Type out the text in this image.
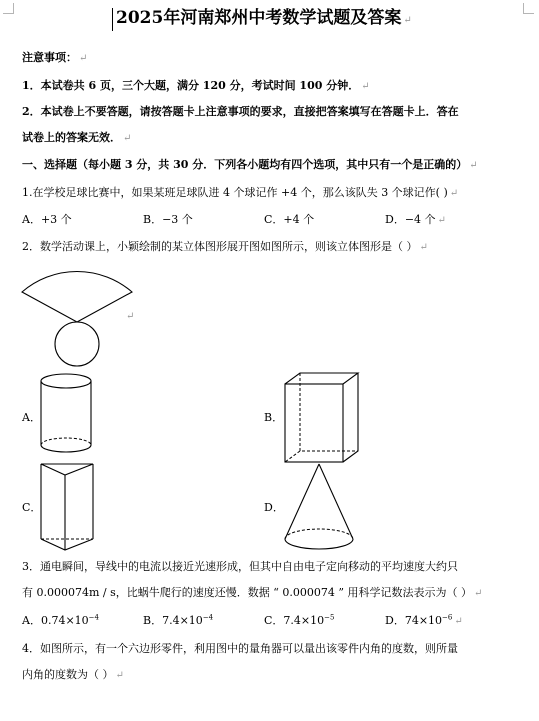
2025年河南郑州中考数学试题及答案 ↵
注意事项： ↵
1．本试卷共 6 页，三个大题，满分 120 分，考试时间 100 分钟． ↵
2．本试卷上不要答题，请按答题卡上注意事项的要求，直接把答案填写在答题卡上．答在
试卷上的答案无效． ↵
一、选择题（每小题 3 分，共 30 分．下列各小题均有四个选项，其中只有一个是正确的） ↵
1.在学校足球比赛中，如果某班足球队进 4 个球记作 +4 个，那么该队失 3 个球记作( ) ↵
A．+3 个	B．−3 个	C．+4 个	D．−4 个 ↵
2．数学活动课上，小颖绘制的某立体图形展开图如图所示，则该立体图形是（ ） ↵
↵
A．	B．
C．	D．
3．通电瞬间，导线中的电流以接近光速形成，但其中自由电子定向移动的平均速度大约只
有 0.000074m / s，比蜗牛爬行的速度还慢．数据 “ 0.000074 ” 用科学记数法表示为（ ） ↵
A．$0.74\times 10^{-4}$	B．$7.4\times 10^{-4}$	C．$7.4\times 10^{-5}$	D．$74\times 10^{-6}$ ↵
4．如图所示，有一个六边形零件，利用图中的量角器可以量出该零件内角的度数，则所量
内角的度数为（ ） ↵
